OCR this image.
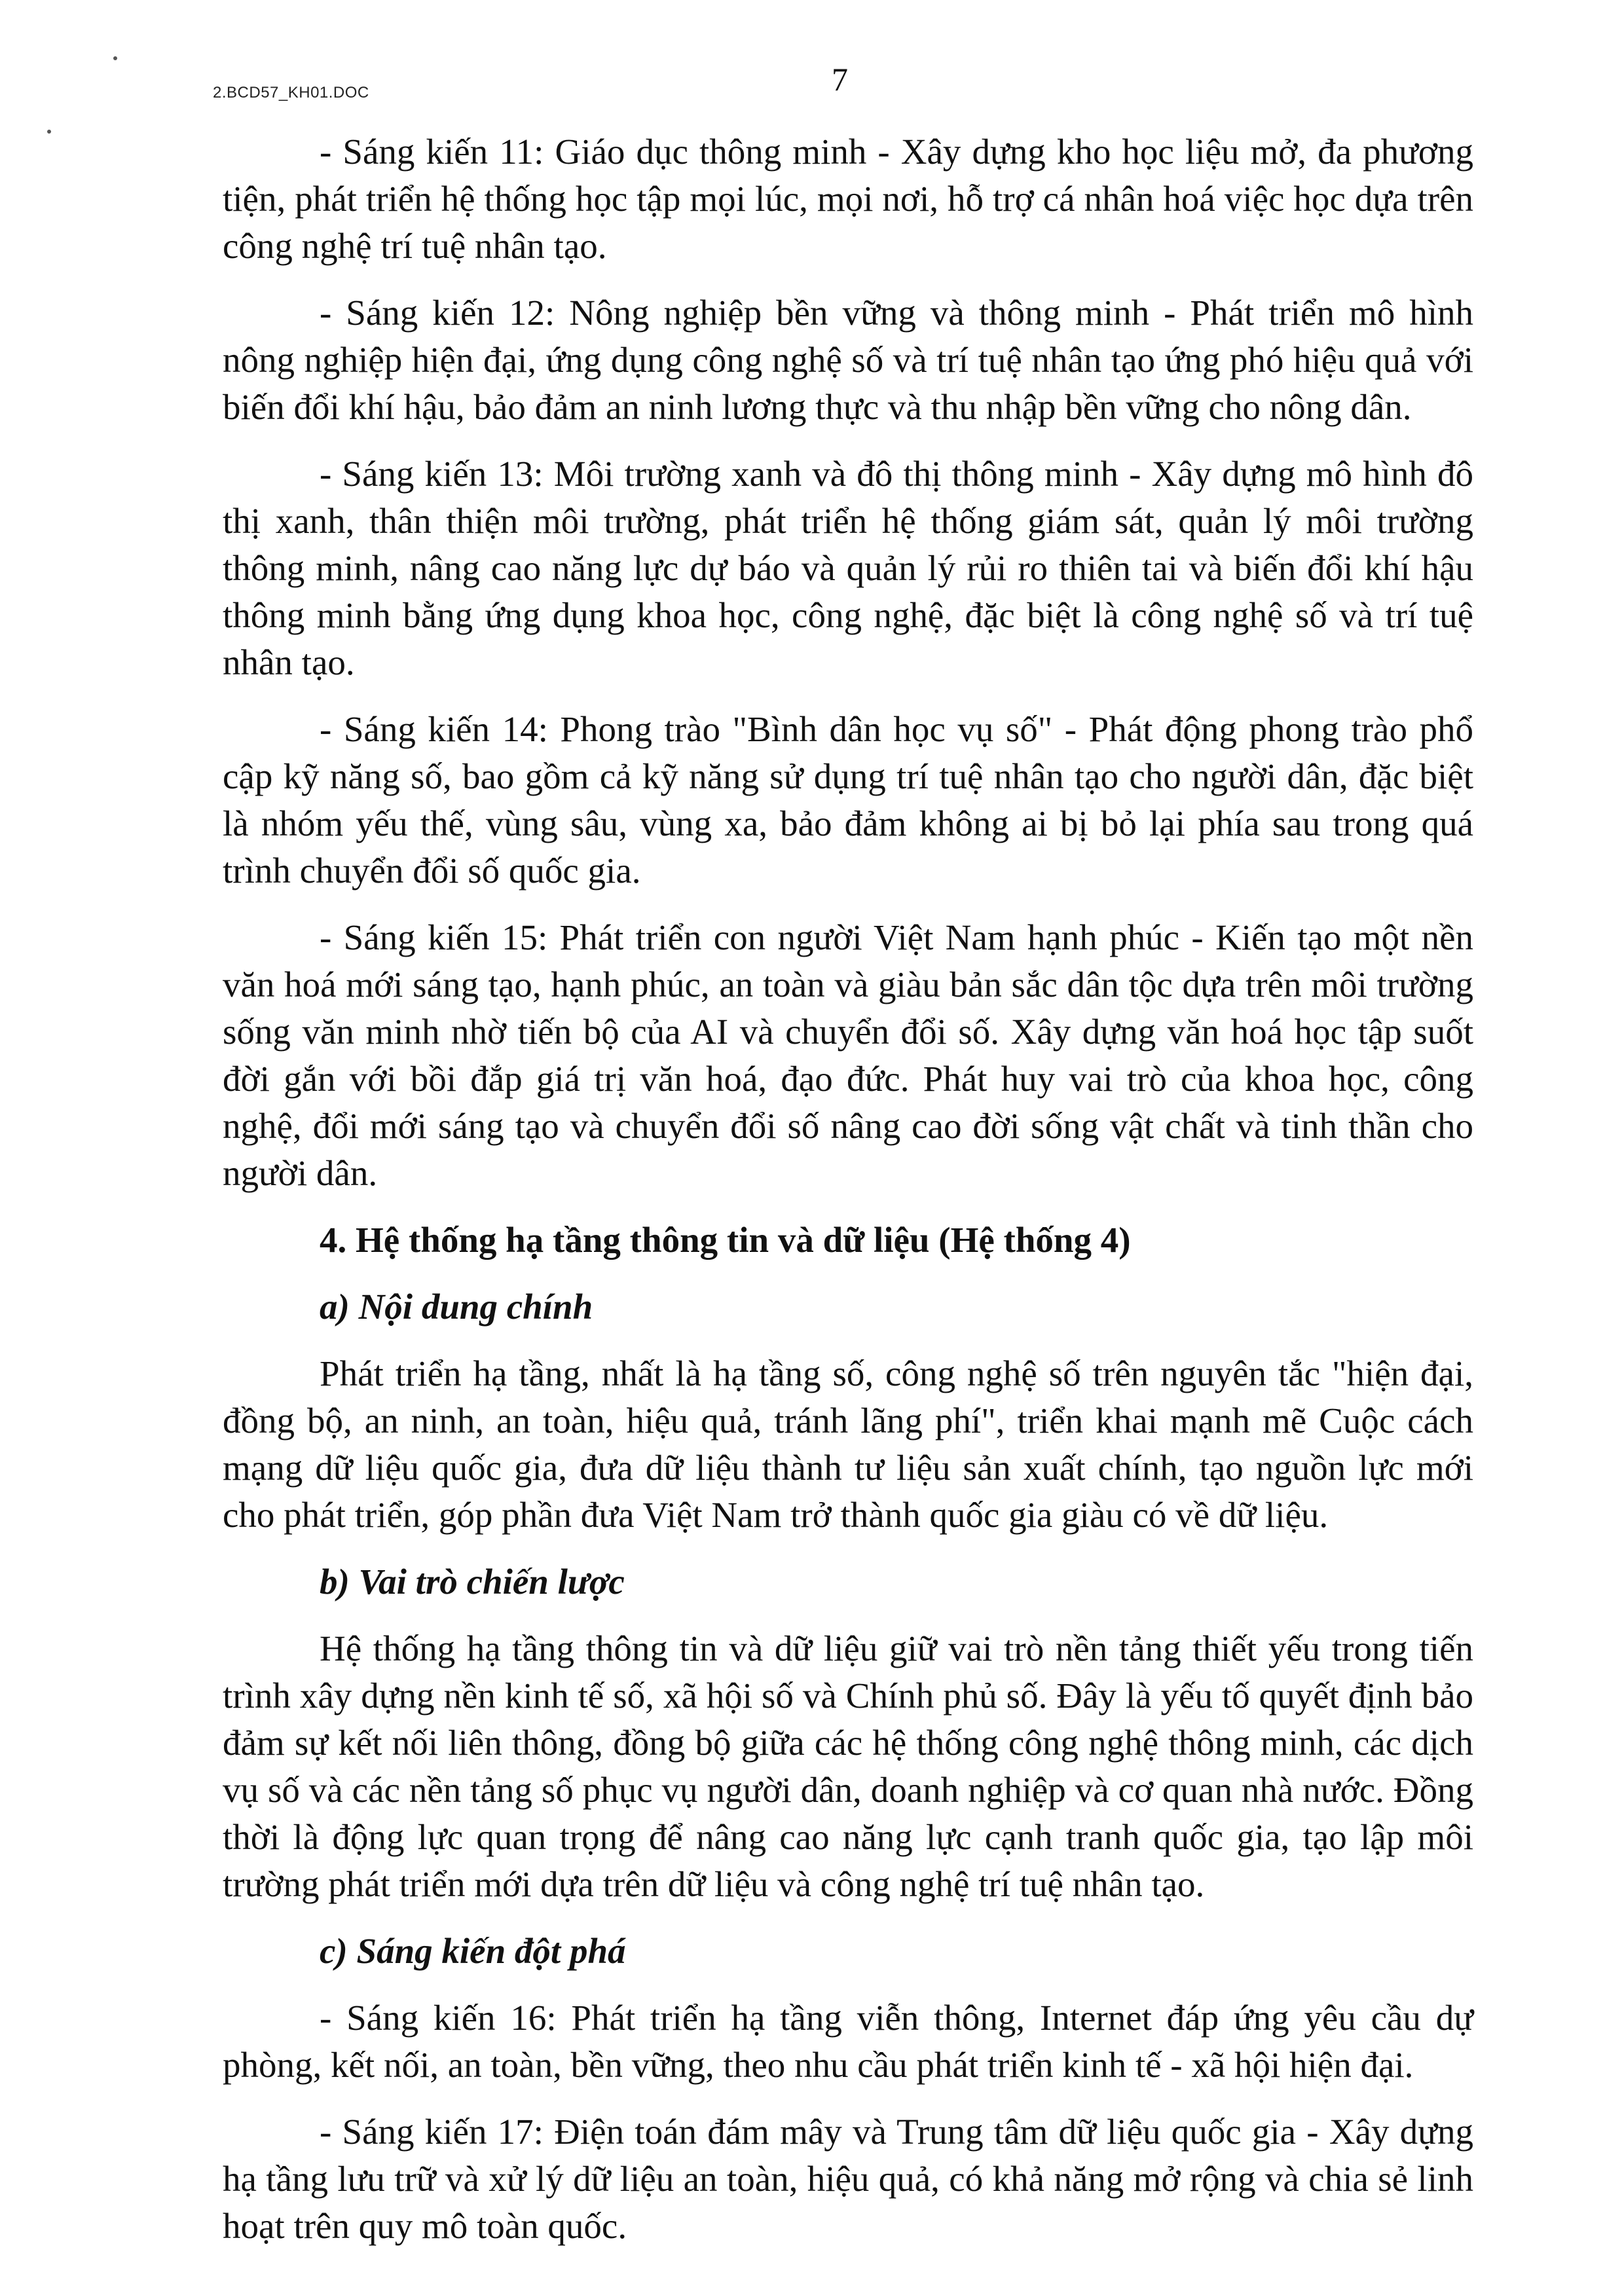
2.BCD57_KH01.DOC	7

- Sáng kiến 11: Giáo dục thông minh - Xây dựng kho học liệu mở, đa phương tiện, phát triển hệ thống học tập mọi lúc, mọi nơi, hỗ trợ cá nhân hoá việc học dựa trên công nghệ trí tuệ nhân tạo.

- Sáng kiến 12: Nông nghiệp bền vững và thông minh - Phát triển mô hình nông nghiệp hiện đại, ứng dụng công nghệ số và trí tuệ nhân tạo ứng phó hiệu quả với biến đổi khí hậu, bảo đảm an ninh lương thực và thu nhập bền vững cho nông dân.

- Sáng kiến 13: Môi trường xanh và đô thị thông minh - Xây dựng mô hình đô thị xanh, thân thiện môi trường, phát triển hệ thống giám sát, quản lý môi trường thông minh, nâng cao năng lực dự báo và quản lý rủi ro thiên tai và biến đổi khí hậu thông minh bằng ứng dụng khoa học, công nghệ, đặc biệt là công nghệ số và trí tuệ nhân tạo.

- Sáng kiến 14: Phong trào "Bình dân học vụ số" - Phát động phong trào phổ cập kỹ năng số, bao gồm cả kỹ năng sử dụng trí tuệ nhân tạo cho người dân, đặc biệt là nhóm yếu thế, vùng sâu, vùng xa, bảo đảm không ai bị bỏ lại phía sau trong quá trình chuyển đổi số quốc gia.

- Sáng kiến 15: Phát triển con người Việt Nam hạnh phúc - Kiến tạo một nền văn hoá mới sáng tạo, hạnh phúc, an toàn và giàu bản sắc dân tộc dựa trên môi trường sống văn minh nhờ tiến bộ của AI và chuyển đổi số. Xây dựng văn hoá học tập suốt đời gắn với bồi đắp giá trị văn hoá, đạo đức. Phát huy vai trò của khoa học, công nghệ, đổi mới sáng tạo và chuyển đổi số nâng cao đời sống vật chất và tinh thần cho người dân.

4. Hệ thống hạ tầng thông tin và dữ liệu (Hệ thống 4)
a) Nội dung chính

Phát triển hạ tầng, nhất là hạ tầng số, công nghệ số trên nguyên tắc "hiện đại, đồng bộ, an ninh, an toàn, hiệu quả, tránh lãng phí", triển khai mạnh mẽ Cuộc cách mạng dữ liệu quốc gia, đưa dữ liệu thành tư liệu sản xuất chính, tạo nguồn lực mới cho phát triển, góp phần đưa Việt Nam trở thành quốc gia giàu có về dữ liệu.

b) Vai trò chiến lược

Hệ thống hạ tầng thông tin và dữ liệu giữ vai trò nền tảng thiết yếu trong tiến trình xây dựng nền kinh tế số, xã hội số và Chính phủ số. Đây là yếu tố quyết định bảo đảm sự kết nối liên thông, đồng bộ giữa các hệ thống công nghệ thông minh, các dịch vụ số và các nền tảng số phục vụ người dân, doanh nghiệp và cơ quan nhà nước. Đồng thời là động lực quan trọng để nâng cao năng lực cạnh tranh quốc gia, tạo lập môi trường phát triển mới dựa trên dữ liệu và công nghệ trí tuệ nhân tạo.

c) Sáng kiến đột phá

- Sáng kiến 16: Phát triển hạ tầng viễn thông, Internet đáp ứng yêu cầu dự phòng, kết nối, an toàn, bền vững, theo nhu cầu phát triển kinh tế - xã hội hiện đại.

- Sáng kiến 17: Điện toán đám mây và Trung tâm dữ liệu quốc gia - Xây dựng hạ tầng lưu trữ và xử lý dữ liệu an toàn, hiệu quả, có khả năng mở rộng và chia sẻ linh hoạt trên quy mô toàn quốc.
